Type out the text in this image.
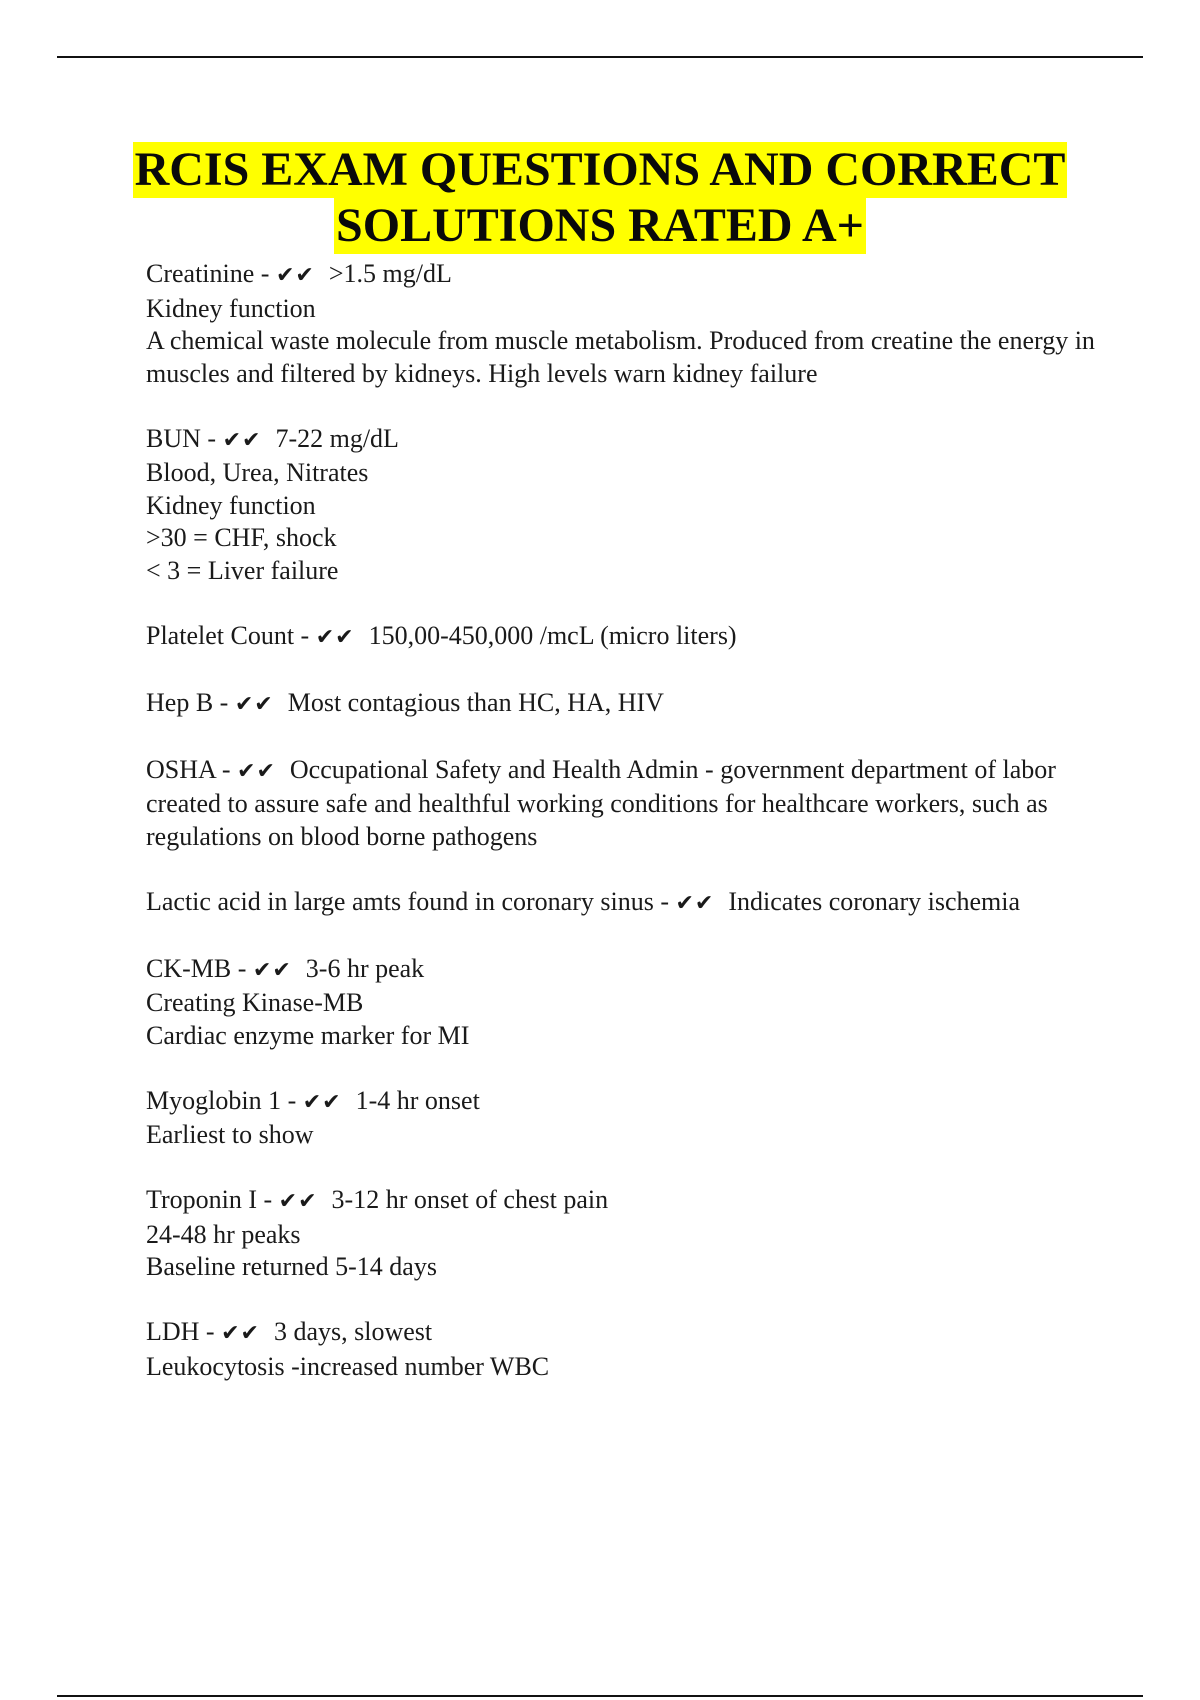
RCIS EXAM QUESTIONS AND CORRECT
SOLUTIONS RATED A+
Creatinine - ✔✔ >1.5 mg/dL
Kidney function
A chemical waste molecule from muscle metabolism. Produced from creatine the energy in muscles and filtered by kidneys. High levels warn kidney failure
BUN - ✔✔ 7-22 mg/dL
Blood, Urea, Nitrates
Kidney function
>30 = CHF, shock
< 3 = Liver failure
Platelet Count - ✔✔ 150,00-450,000 /mcL (micro liters)
Hep B - ✔✔ Most contagious than HC, HA, HIV
OSHA - ✔✔ Occupational Safety and Health Admin - government department of labor created to assure safe and healthful working conditions for healthcare workers, such as regulations on blood borne pathogens
Lactic acid in large amts found in coronary sinus - ✔✔ Indicates coronary ischemia
CK-MB - ✔✔ 3-6 hr peak
Creating Kinase-MB
Cardiac enzyme marker for MI
Myoglobin 1 - ✔✔ 1-4 hr onset
Earliest to show
Troponin I - ✔✔ 3-12 hr onset of chest pain
24-48 hr peaks
Baseline returned 5-14 days
LDH - ✔✔ 3 days, slowest
Leukocytosis -increased number WBC
